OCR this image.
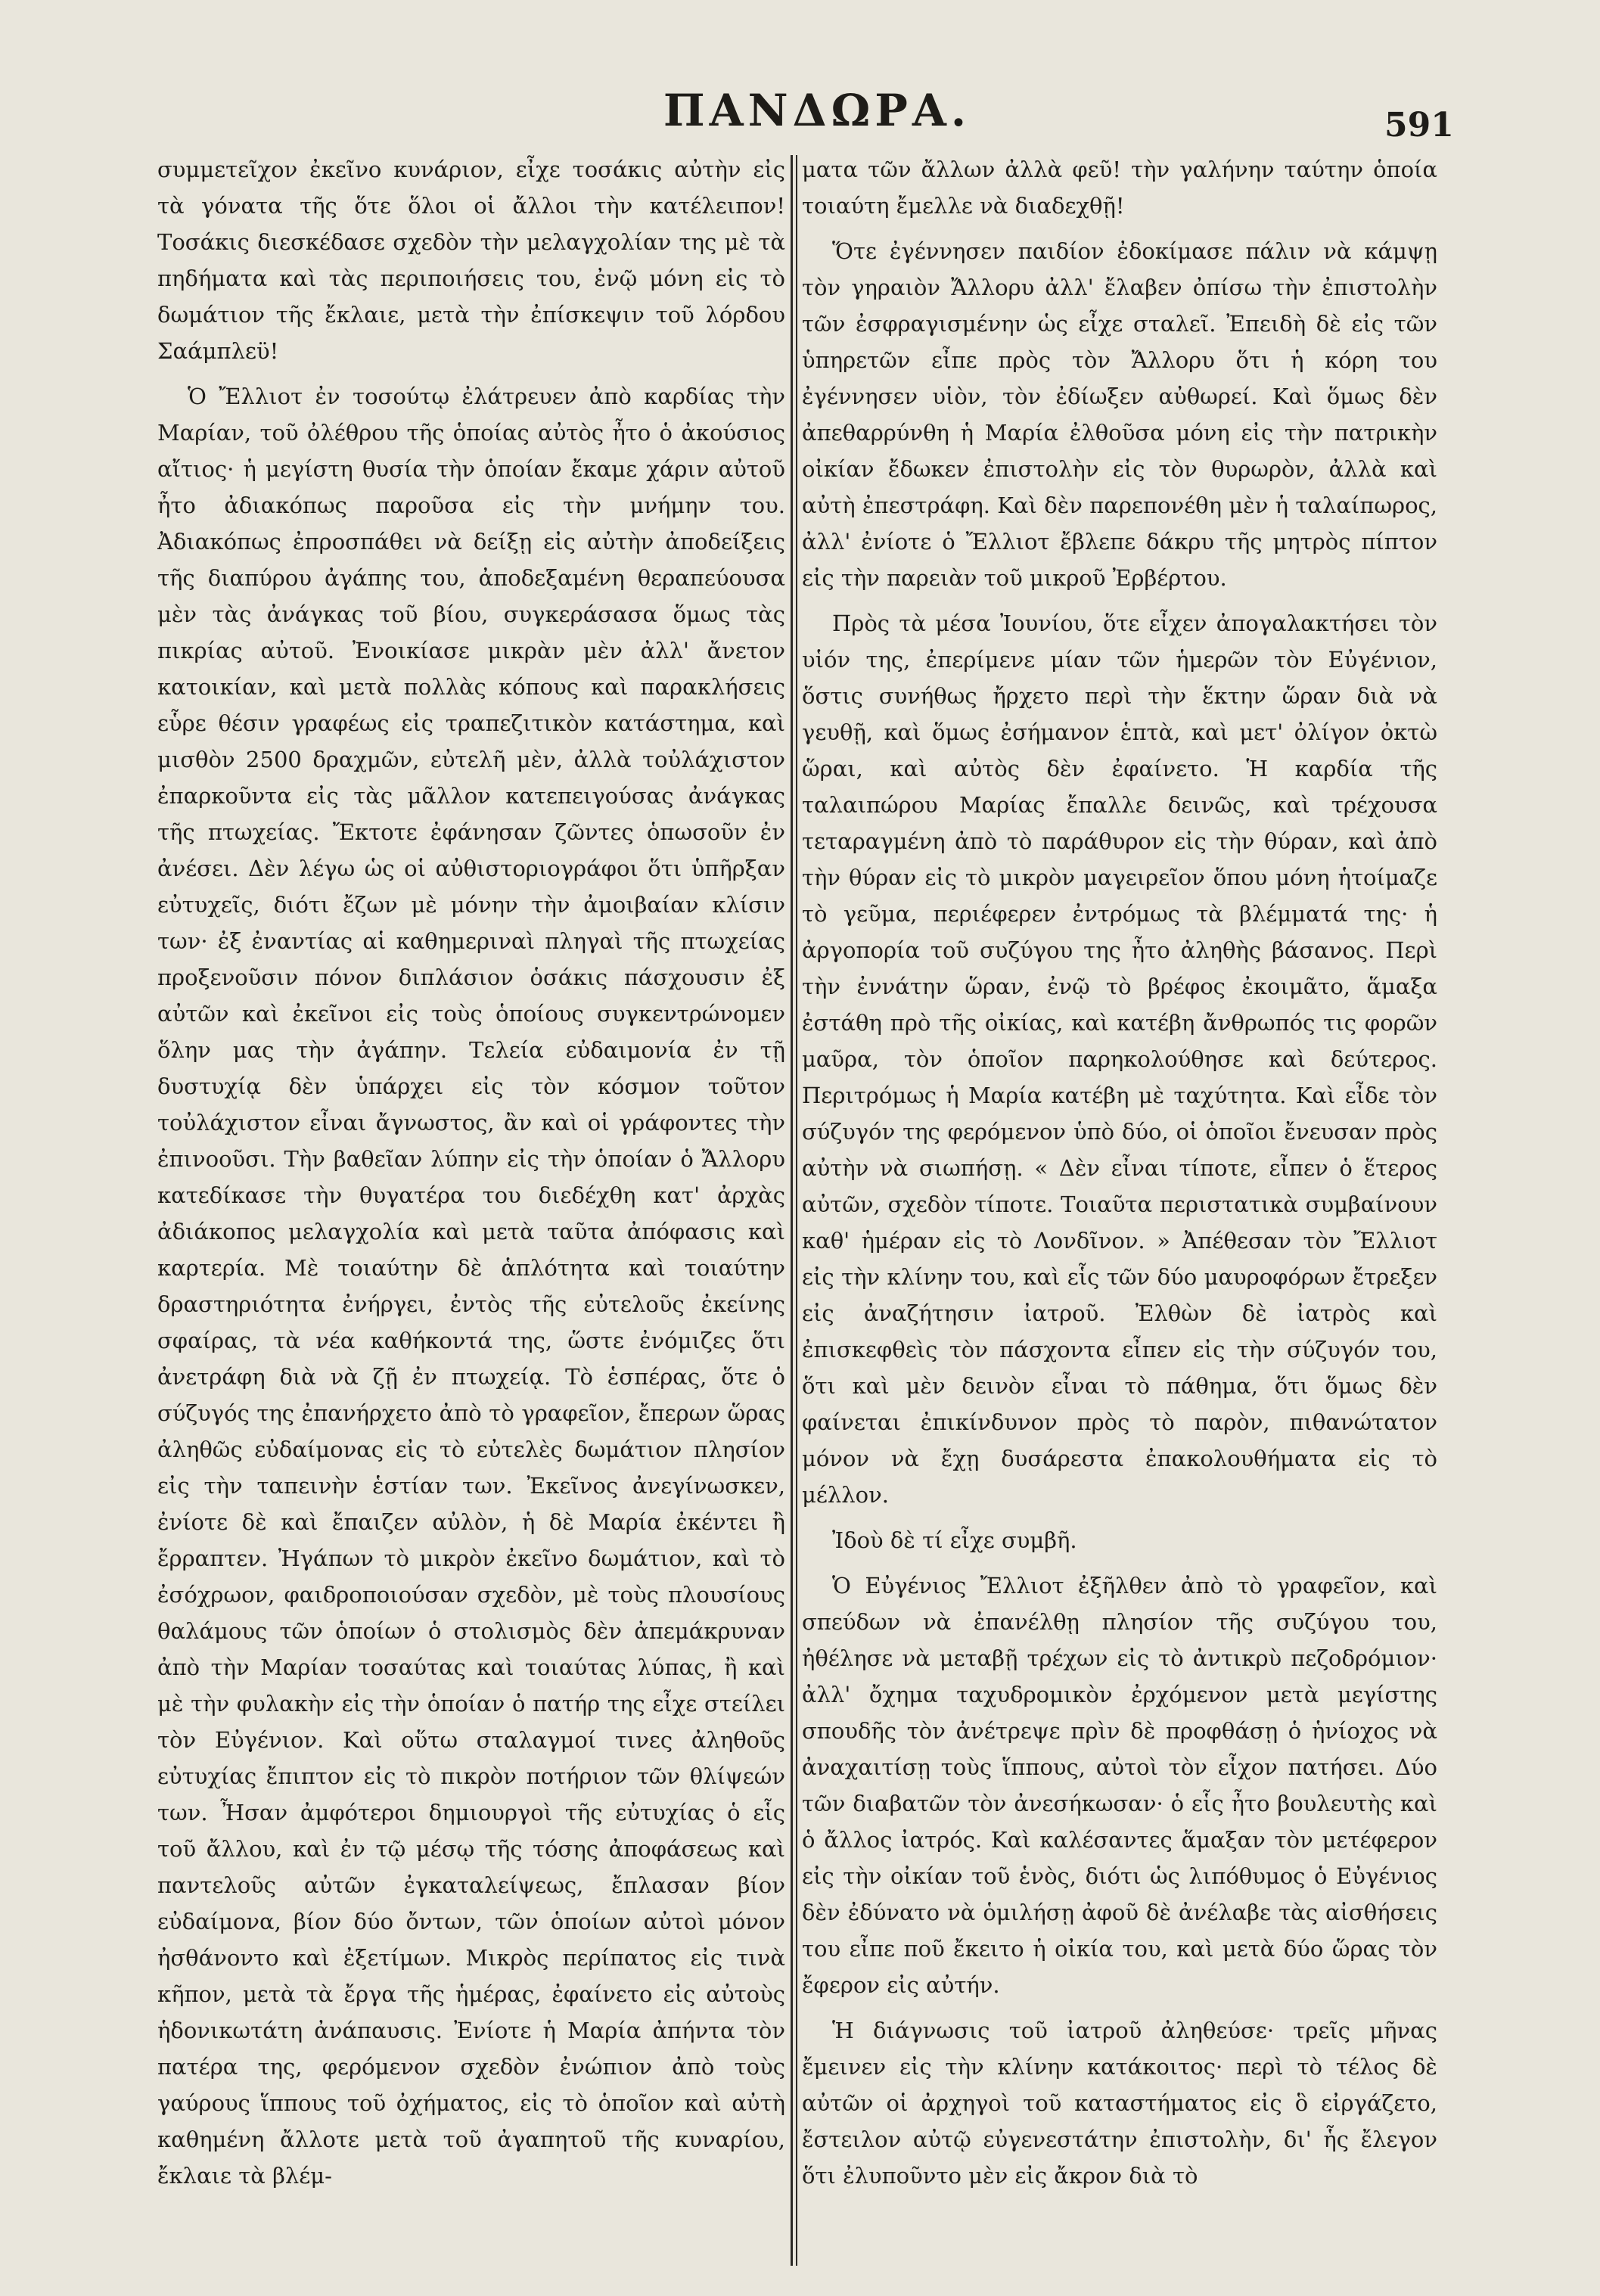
ΠΑΝΔΩΡΑ.	591

συμμετεῖχον ἐκεῖνο κυνάριον, εἶχε τοσάκις αὐτὴν εἰς τὰ γόνατα τῆς ὅτε ὅλοι οἱ ἄλλοι τὴν κατέλειπον! Τοσάκις διεσκέδασε σχεδὸν τὴν μελαγχολίαν της μὲ τὰ πηδήματα καὶ τὰς περιποιήσεις του, ἐνῷ μόνη εἰς τὸ δωμάτιον τῆς ἔκλαιε, μετὰ τὴν ἐπίσκεψιν τοῦ λόρδου Σαάμπλεϋ!

Ὁ Ἔλλιοτ ἐν τοσούτῳ ἐλάτρευεν ἀπὸ καρδίας τὴν Μαρίαν, τοῦ ὀλέθρου τῆς ὁποίας αὐτὸς ἦτο ὁ ἀκούσιος αἴτιος· ἡ μεγίστη θυσία τὴν ὁποίαν ἔκαμε χάριν αὐτοῦ ἦτο ἀδιακόπως παροῦσα εἰς τὴν μνήμην του. Ἀδιακόπως ἐπροσπάθει νὰ δείξῃ εἰς αὐτὴν ἀποδείξεις τῆς διαπύρου ἀγάπης του, ἀποδεξαμένη θεραπεύουσα μὲν τὰς ἀνάγκας τοῦ βίου, συγκεράσασα ὅμως τὰς πικρίας αὐτοῦ. Ἐνοικίασε μικρὰν μὲν ἀλλ' ἄνετον κατοικίαν, καὶ μετὰ πολλὰς κόπους καὶ παρακλήσεις εὗρε θέσιν γραφέως εἰς τραπεζιτικὸν κατάστημα, καὶ μισθὸν 2500 δραχμῶν, εὐτελῆ μὲν, ἀλλὰ τοὐλάχιστον ἐπαρκοῦντα εἰς τὰς μᾶλλον κατεπειγούσας ἀνάγκας τῆς πτωχείας. Ἔκτοτε ἐφάνησαν ζῶντες ὁπωσοῦν ἐν ἀνέσει. Δὲν λέγω ὡς οἱ αὐθιστοριογράφοι ὅτι ὑπῆρξαν εὐτυχεῖς, διότι ἔζων μὲ μόνην τὴν ἀμοιβαίαν κλίσιν των· ἐξ ἐναντίας αἱ καθημεριναὶ πληγαὶ τῆς πτωχείας προξενοῦσιν πόνον διπλάσιον ὁσάκις πάσχουσιν ἐξ αὐτῶν καὶ ἐκεῖνοι εἰς τοὺς ὁποίους συγκεντρώνομεν ὅλην μας τὴν ἀγάπην. Τελεία εὐδαιμονία ἐν τῇ δυστυχίᾳ δὲν ὑπάρχει εἰς τὸν κόσμον τοῦτον τοὐλάχιστον εἶναι ἄγνωστος, ἂν καὶ οἱ γράφοντες τὴν ἐπινοοῦσι. Τὴν βαθεῖαν λύπην εἰς τὴν ὁποίαν ὁ Ἄλλορυ κατεδίκασε τὴν θυγατέρα του διεδέχθη κατ' ἀρχὰς ἀδιάκοπος μελαγχολία καὶ μετὰ ταῦτα ἀπόφασις καὶ καρτερία. Μὲ τοιαύτην δὲ ἁπλότητα καὶ τοιαύτην δραστηριότητα ἐνήργει, ἐντὸς τῆς εὐτελοῦς ἐκείνης σφαίρας, τὰ νέα καθήκοντά της, ὥστε ἐνόμιζες ὅτι ἀνετράφη διὰ νὰ ζῇ ἐν πτωχείᾳ. Τὸ ἑσπέρας, ὅτε ὁ σύζυγός της ἐπανήρχετο ἀπὸ τὸ γραφεῖον, ἔπερων ὥρας ἀληθῶς εὐδαίμονας εἰς τὸ εὐτελὲς δωμάτιον πλησίον εἰς τὴν ταπεινὴν ἑστίαν των. Ἐκεῖνος ἀνεγίνωσκεν, ἐνίοτε δὲ καὶ ἔπαιζεν αὐλὸν, ἡ δὲ Μαρία ἐκέντει ἢ ἔρραπτεν. Ἠγάπων τὸ μικρὸν ἐκεῖνο δωμάτιον, καὶ τὸ ἐσόχρωον, φαιδροποιούσαν σχεδὸν, μὲ τοὺς πλουσίους θαλάμους τῶν ὁποίων ὁ στολισμὸς δὲν ἀπεμάκρυναν ἀπὸ τὴν Μαρίαν τοσαύτας καὶ τοιαύτας λύπας, ἢ καὶ μὲ τὴν φυλακὴν εἰς τὴν ὁποίαν ὁ πατήρ της εἶχε στείλει τὸν Εὐγένιον. Καὶ οὕτω σταλαγμοί τινες ἀληθοῦς εὐτυχίας ἔπιπτον εἰς τὸ πικρὸν ποτήριον τῶν θλίψεών των. Ἦσαν ἀμφότεροι δημιουργοὶ τῆς εὐτυχίας ὁ εἷς τοῦ ἄλλου, καὶ ἐν τῷ μέσῳ τῆς τόσης ἀποφάσεως καὶ παντελοῦς αὐτῶν ἐγκαταλείψεως, ἔπλασαν βίον εὐδαίμονα, βίον δύο ὄντων, τῶν ὁποίων αὐτοὶ μόνον ἠσθάνοντο καὶ ἐξετίμων. Μικρὸς περίπατος εἰς τινὰ κῆπον, μετὰ τὰ ἔργα τῆς ἡμέρας, ἐφαίνετο εἰς αὐτοὺς ἡδονικωτάτη ἀνάπαυσις. Ἐνίοτε ἡ Μαρία ἀπήντα τὸν πατέρα της, φερόμενον σχεδὸν ἐνώπιον ἀπὸ τοὺς γαύρους ἵππους τοῦ ὀχήματος, εἰς τὸ ὁποῖον καὶ αὐτὴ καθημένη ἄλλοτε μετὰ τοῦ ἀγαπητοῦ τῆς κυναρίου, ἔκλαιε τὰ βλέμ-

ματα τῶν ἄλλων ἀλλὰ φεῦ! τὴν γαλήνην ταύτην ὁποία τοιαύτη ἔμελλε νὰ διαδεχθῇ!

Ὅτε ἐγέννησεν παιδίον ἐδοκίμασε πάλιν νὰ κάμψῃ τὸν γηραιὸν Ἄλλορυ ἀλλ' ἔλαβεν ὀπίσω τὴν ἐπιστολὴν τῶν ἐσφραγισμένην ὡς εἶχε σταλεῖ. Ἐπειδὴ δὲ εἰς τῶν ὑπηρετῶν εἶπε πρὸς τὸν Ἄλλορυ ὅτι ἡ κόρη του ἐγέννησεν υἱὸν, τὸν ἐδίωξεν αὐθωρεί. Καὶ ὅμως δὲν ἀπεθαρρύνθη ἡ Μαρία ἐλθοῦσα μόνη εἰς τὴν πατρικὴν οἰκίαν ἔδωκεν ἐπιστολὴν εἰς τὸν θυρωρὸν, ἀλλὰ καὶ αὐτὴ ἐπεστράφη. Καὶ δὲν παρεπονέθη μὲν ἡ ταλαίπωρος, ἀλλ' ἐνίοτε ὁ Ἔλλιοτ ἔβλεπε δάκρυ τῆς μητρὸς πίπτον εἰς τὴν παρειὰν τοῦ μικροῦ Ἐρβέρτου.

Πρὸς τὰ μέσα Ἰουνίου, ὅτε εἶχεν ἀπογαλακτήσει τὸν υἱόν της, ἐπερίμενε μίαν τῶν ἡμερῶν τὸν Εὐγένιον, ὅστις συνήθως ἤρχετο περὶ τὴν ἕκτην ὥραν διὰ νὰ γευθῇ, καὶ ὅμως ἐσήμανον ἑπτὰ, καὶ μετ' ὀλίγον ὀκτὼ ὥραι, καὶ αὐτὸς δὲν ἐφαίνετο. Ἡ καρδία τῆς ταλαιπώρου Μαρίας ἔπαλλε δεινῶς, καὶ τρέχουσα τεταραγμένη ἀπὸ τὸ παράθυρον εἰς τὴν θύραν, καὶ ἀπὸ τὴν θύραν εἰς τὸ μικρὸν μαγειρεῖον ὅπου μόνη ἡτοίμαζε τὸ γεῦμα, περιέφερεν ἐντρόμως τὰ βλέμματά της· ἡ ἀργοπορία τοῦ συζύγου της ἦτο ἀληθὴς βάσανος. Περὶ τὴν ἐννάτην ὥραν, ἐνῷ τὸ βρέφος ἐκοιμᾶτο, ἅμαξα ἐστάθη πρὸ τῆς οἰκίας, καὶ κατέβη ἄνθρωπός τις φορῶν μαῦρα, τὸν ὁποῖον παρηκολούθησε καὶ δεύτερος. Περιτρόμως ἡ Μαρία κατέβη μὲ ταχύτητα. Καὶ εἶδε τὸν σύζυγόν της φερόμενον ὑπὸ δύο, οἱ ὁποῖοι ἔνευσαν πρὸς αὐτὴν νὰ σιωπήσῃ. « Δὲν εἶναι τίποτε, εἶπεν ὁ ἕτερος αὐτῶν, σχεδὸν τίποτε. Τοιαῦτα περιστατικὰ συμβαίνουν καθ' ἡμέραν εἰς τὸ Λονδῖνον. » Ἀπέθεσαν τὸν Ἔλλιοτ εἰς τὴν κλίνην του, καὶ εἷς τῶν δύο μαυροφόρων ἔτρεξεν εἰς ἀναζήτησιν ἰατροῦ. Ἐλθὼν δὲ ἰατρὸς καὶ ἐπισκεφθεὶς τὸν πάσχοντα εἶπεν εἰς τὴν σύζυγόν του, ὅτι καὶ μὲν δεινὸν εἶναι τὸ πάθημα, ὅτι ὅμως δὲν φαίνεται ἐπικίνδυνον πρὸς τὸ παρὸν, πιθανώτατον μόνον νὰ ἔχῃ δυσάρεστα ἐπακολουθήματα εἰς τὸ μέλλον.

Ἰδοὺ δὲ τί εἶχε συμβῆ.

Ὁ Εὐγένιος Ἔλλιοτ ἐξῆλθεν ἀπὸ τὸ γραφεῖον, καὶ σπεύδων νὰ ἐπανέλθῃ πλησίον τῆς συζύγου του, ἠθέλησε νὰ μεταβῇ τρέχων εἰς τὸ ἀντικρὺ πεζοδρόμιον· ἀλλ' ὄχημα ταχυδρομικὸν ἐρχόμενον μετὰ μεγίστης σπουδῆς τὸν ἀνέτρεψε πρὶν δὲ προφθάσῃ ὁ ἡνίοχος νὰ ἀναχαιτίσῃ τοὺς ἵππους, αὐτοὶ τὸν εἶχον πατήσει. Δύο τῶν διαβατῶν τὸν ἀνεσήκωσαν· ὁ εἷς ἦτο βουλευτὴς καὶ ὁ ἄλλος ἰατρός. Καὶ καλέσαντες ἅμαξαν τὸν μετέφερον εἰς τὴν οἰκίαν τοῦ ἑνὸς, διότι ὡς λιπόθυμος ὁ Εὐγένιος δὲν ἐδύνατο νὰ ὁμιλήσῃ ἀφοῦ δὲ ἀνέλαβε τὰς αἰσθήσεις του εἶπε ποῦ ἔκειτο ἡ οἰκία του, καὶ μετὰ δύο ὥρας τὸν ἔφερον εἰς αὐτήν.

Ἡ διάγνωσις τοῦ ἰατροῦ ἀληθεύσε· τρεῖς μῆνας ἔμεινεν εἰς τὴν κλίνην κατάκοιτος· περὶ τὸ τέλος δὲ αὐτῶν οἱ ἀρχηγοὶ τοῦ καταστήματος εἰς ὃ εἰργάζετο, ἔστειλον αὐτῷ εὐγενεστάτην ἐπιστολὴν, δι' ἧς ἔλεγον ὅτι ἐλυποῦντο μὲν εἰς ἄκρον διὰ τὸ
